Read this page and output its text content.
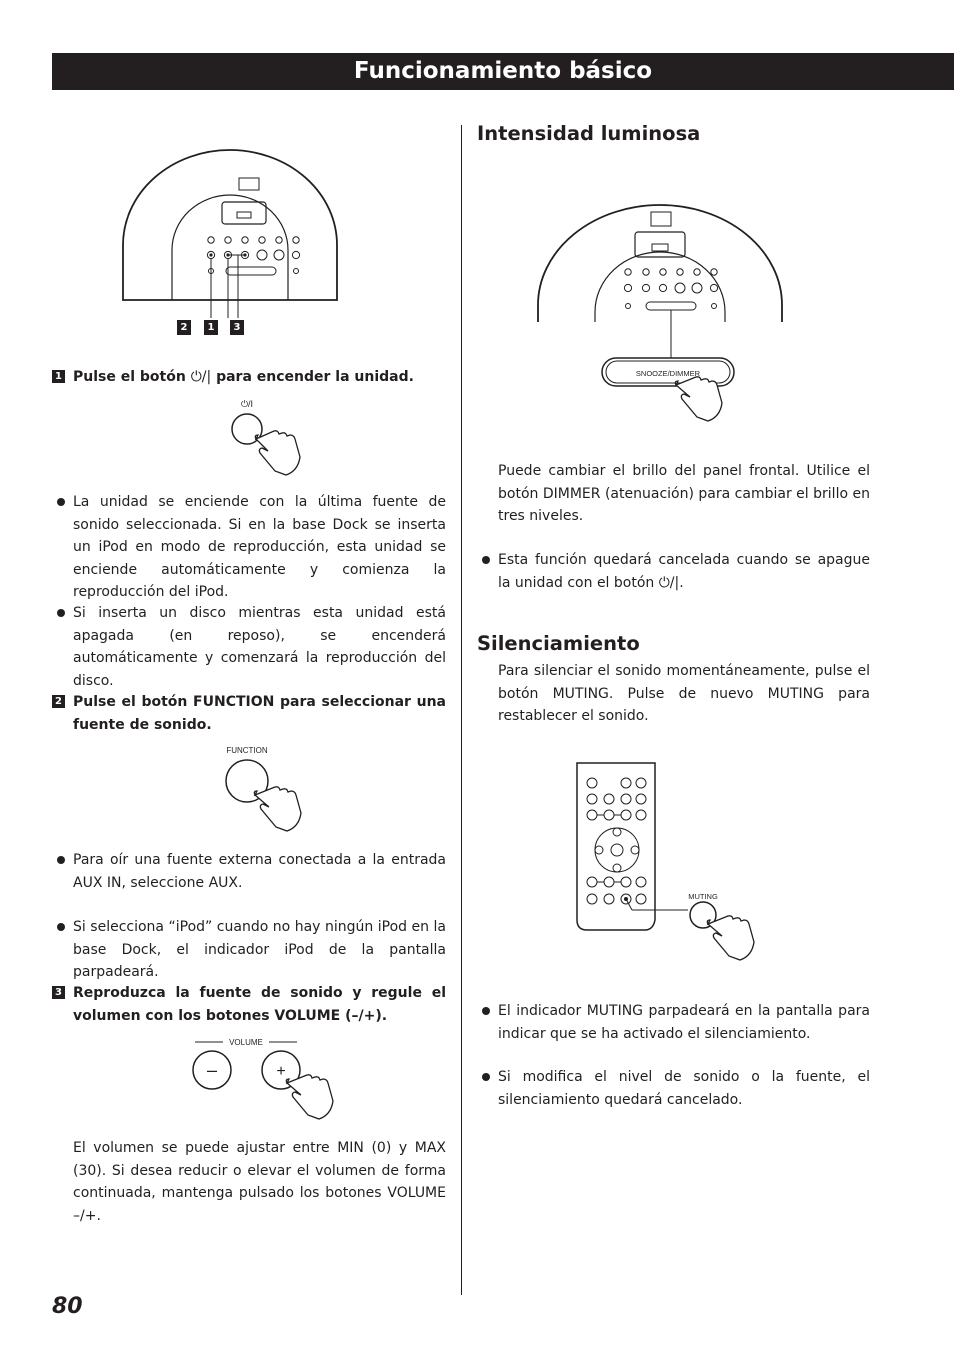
Funcionamiento básico
2	1	3
1 Pulse el botón ⏻/| para encender la unidad.
⏻/I
La unidad se enciende con la última fuente de sonido seleccionada. Si en la base Dock se inserta un iPod en modo de reproducción, esta unidad se enciende automáticamente y comienza la reproducción del iPod.
Si inserta un disco mientras esta unidad está apagada (en reposo), se encenderá automáticamente y comenzará la reproducción del disco.
2 Pulse el botón FUNCTION para seleccionar una fuente de sonido.
FUNCTION
Para oír una fuente externa conectada a la entrada AUX IN, seleccione AUX.
Si selecciona “iPod” cuando no hay ningún iPod en la base Dock, el indicador iPod de la pantalla parpadeará.
3 Reproduzca la fuente de sonido y regule el volumen con los botones VOLUME (–/+).
VOLUME
–	+
El volumen se puede ajustar entre MIN (0) y MAX (30). Si desea reducir o elevar el volumen de forma continuada, mantenga pulsado los botones VOLUME –/+.
Intensidad luminosa
SNOOZE/DIMMER
Puede cambiar el brillo del panel frontal. Utilice el botón DIMMER (atenuación) para cambiar el brillo en tres niveles.
Esta función quedará cancelada cuando se apague la unidad con el botón ⏻/|.
Silenciamiento
Para silenciar el sonido momentáneamente, pulse el botón MUTING. Pulse de nuevo MUTING para restablecer el sonido.
MUTING
El indicador MUTING parpadeará en la pantalla para indicar que se ha activado el silenciamiento.
Si modifica el nivel de sonido o la fuente, el silenciamiento quedará cancelado.
80
